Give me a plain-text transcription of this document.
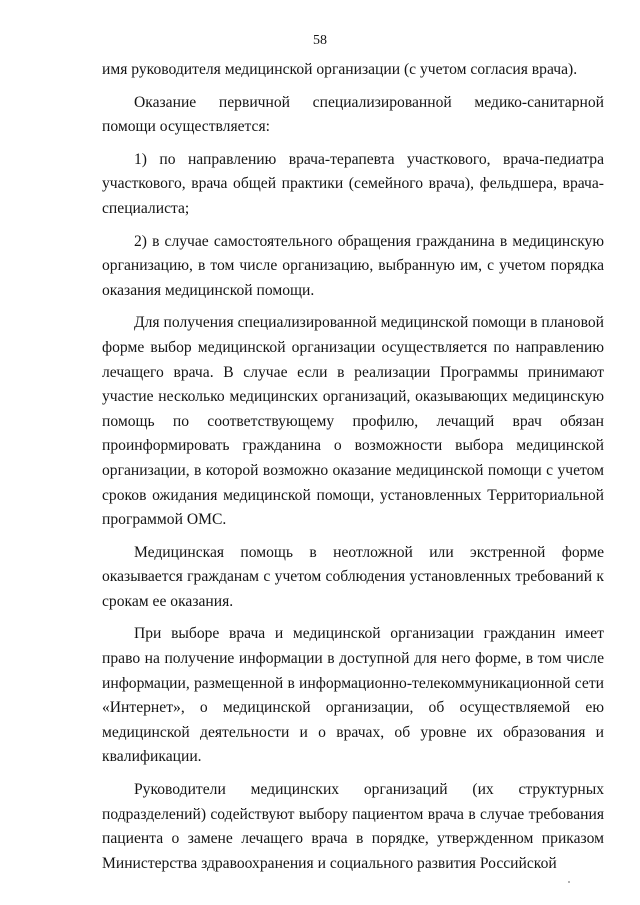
58

имя руководителя медицинской организации (с учетом согласия врача).

Оказание первичной специализированной медико-санитарной помощи осуществляется:

1) по направлению врача-терапевта участкового, врача-педиатра участкового, врача общей практики (семейного врача), фельдшера, врача-специалиста;

2) в случае самостоятельного обращения гражданина в медицинскую организацию, в том числе организацию, выбранную им, с учетом порядка оказания медицинской помощи.

Для получения специализированной медицинской помощи в плановой форме выбор медицинской организации осуществляется по направлению лечащего врача. В случае если в реализации Программы принимают участие несколько медицинских организаций, оказывающих медицинскую помощь по соответствующему профилю, лечащий врач обязан проинформировать гражданина о возможности выбора медицинской организации, в которой возможно оказание медицинской помощи с учетом сроков ожидания медицинской помощи, установленных Территориальной программой ОМС.

Медицинская помощь в неотложной или экстренной форме оказывается гражданам с учетом соблюдения установленных требований к срокам ее оказания.

При выборе врача и медицинской организации гражданин имеет право на получение информации в доступной для него форме, в том числе информации, размещенной в информационно-телекоммуникационной сети «Интернет», о медицинской организации, об осуществляемой ею медицинской деятельности и о врачах, об уровне их образования и квалификации.

Руководители медицинских организаций (их структурных подразделений) содействуют выбору пациентом врача в случае требования пациента о замене лечащего врача в порядке, утвержденном приказом Министерства здравоохранения и социального развития Российской
